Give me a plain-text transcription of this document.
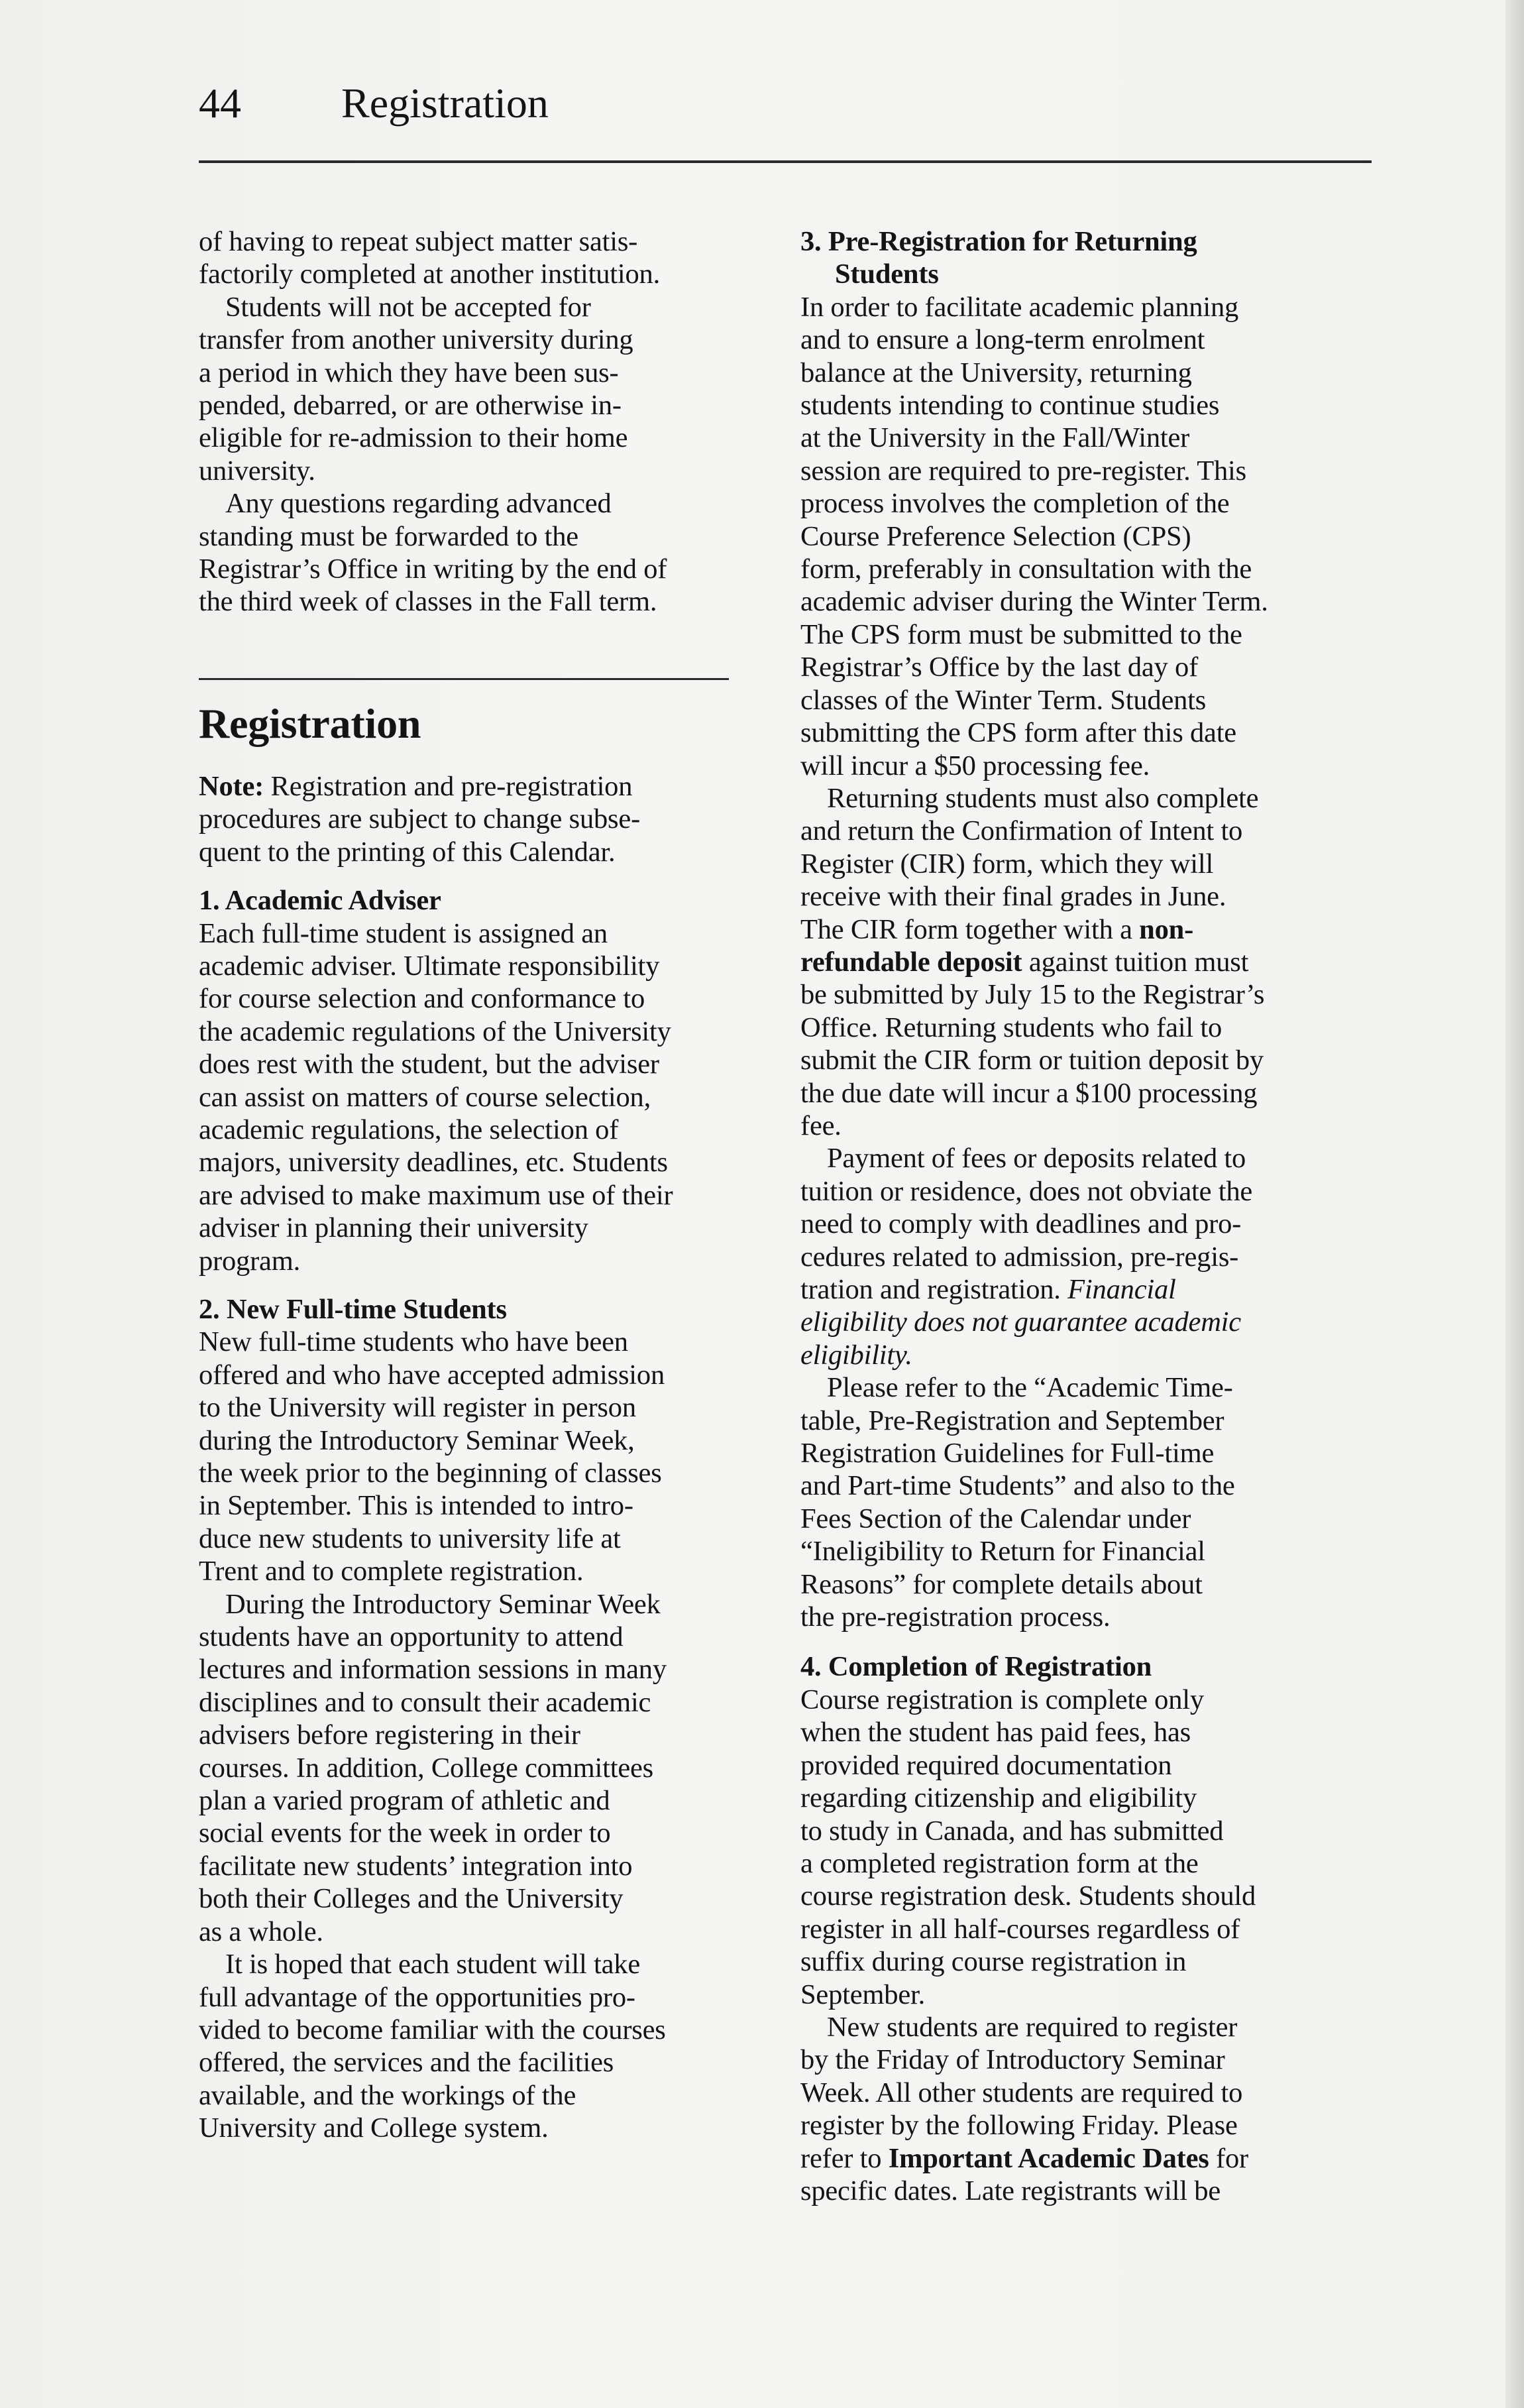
44 Registration

of having to repeat subject matter satis-
factorily completed at another institution.

Students will not be accepted for
transfer from another university during
a period in which they have been sus-
pended, debarred, or are otherwise in-
eligible for re-admission to their home
university.

Any questions regarding advanced
standing must be forwarded to the
Registrar’s Office in writing by the end of
the third week of classes in the Fall term.

Registration

Note: Registration and pre-registration
procedures are subject to change subse-
quent to the printing of this Calendar.

1. Academic Adviser

Each full-time student is assigned an
academic adviser. Ultimate responsibility
for course selection and conformance to
the academic regulations of the University
does rest with the student, but the adviser
can assist on matters of course selection,
academic regulations, the selection of
majors, university deadlines, etc. Students
are advised to make maximum use of their
adviser in planning their university
program.

2. New Full-time Students

New full-time students who have been
offered and who have accepted admission
to the University will register in person
during the Introductory Seminar Week,
the week prior to the beginning of classes
in September. This is intended to intro-
duce new students to university life at
Trent and to complete registration.

During the Introductory Seminar Week
students have an opportunity to attend
lectures and information sessions in many
disciplines and to consult their academic
advisers before registering in their
courses. In addition, College committees
plan a varied program of athletic and
social events for the week in order to
facilitate new students’ integration into
both their Colleges and the University
as a whole.

It is hoped that each student will take
full advantage of the opportunities pro-
vided to become familiar with the courses
offered, the services and the facilities
available, and the workings of the
University and College system.

3. Pre-Registration for Returning
Students

In order to facilitate academic planning
and to ensure a long-term enrolment
balance at the University, returning
students intending to continue studies
at the University in the Fall/Winter
session are required to pre-register. This
process involves the completion of the
Course Preference Selection (CPS)
form, preferably in consultation with the
academic adviser during the Winter Term.
The CPS form must be submitted to the
Registrar’s Office by the last day of
classes of the Winter Term. Students
submitting the CPS form after this date
will incur a $50 processing fee.

Returning students must also complete
and return the Confirmation of Intent to
Register (CIR) form, which they will
receive with their final grades in June.
The CIR form together with a non-
refundable deposit against tuition must
be submitted by July 15 to the Registrar’s
Office. Returning students who fail to
submit the CIR form or tuition deposit by
the due date will incur a $100 processing
fee.

Payment of fees or deposits related to
tuition or residence, does not obviate the
need to comply with deadlines and pro-
cedures related to admission, pre-regis-
tration and registration. Financial
eligibility does not guarantee academic
eligibility.

Please refer to the “Academic Time-
table, Pre-Registration and September
Registration Guidelines for Full-time
and Part-time Students” and also to the
Fees Section of the Calendar under
“Ineligibility to Return for Financial
Reasons” for complete details about
the pre-registration process.

4. Completion of Registration

Course registration is complete only
when the student has paid fees, has
provided required documentation
regarding citizenship and eligibility
to study in Canada, and has submitted
a completed registration form at the
course registration desk. Students should
register in all half-courses regardless of
suffix during course registration in
September.

New students are required to register
by the Friday of Introductory Seminar
Week. All other students are required to
register by the following Friday. Please
refer to Important Academic Dates for
specific dates. Late registrants will be
